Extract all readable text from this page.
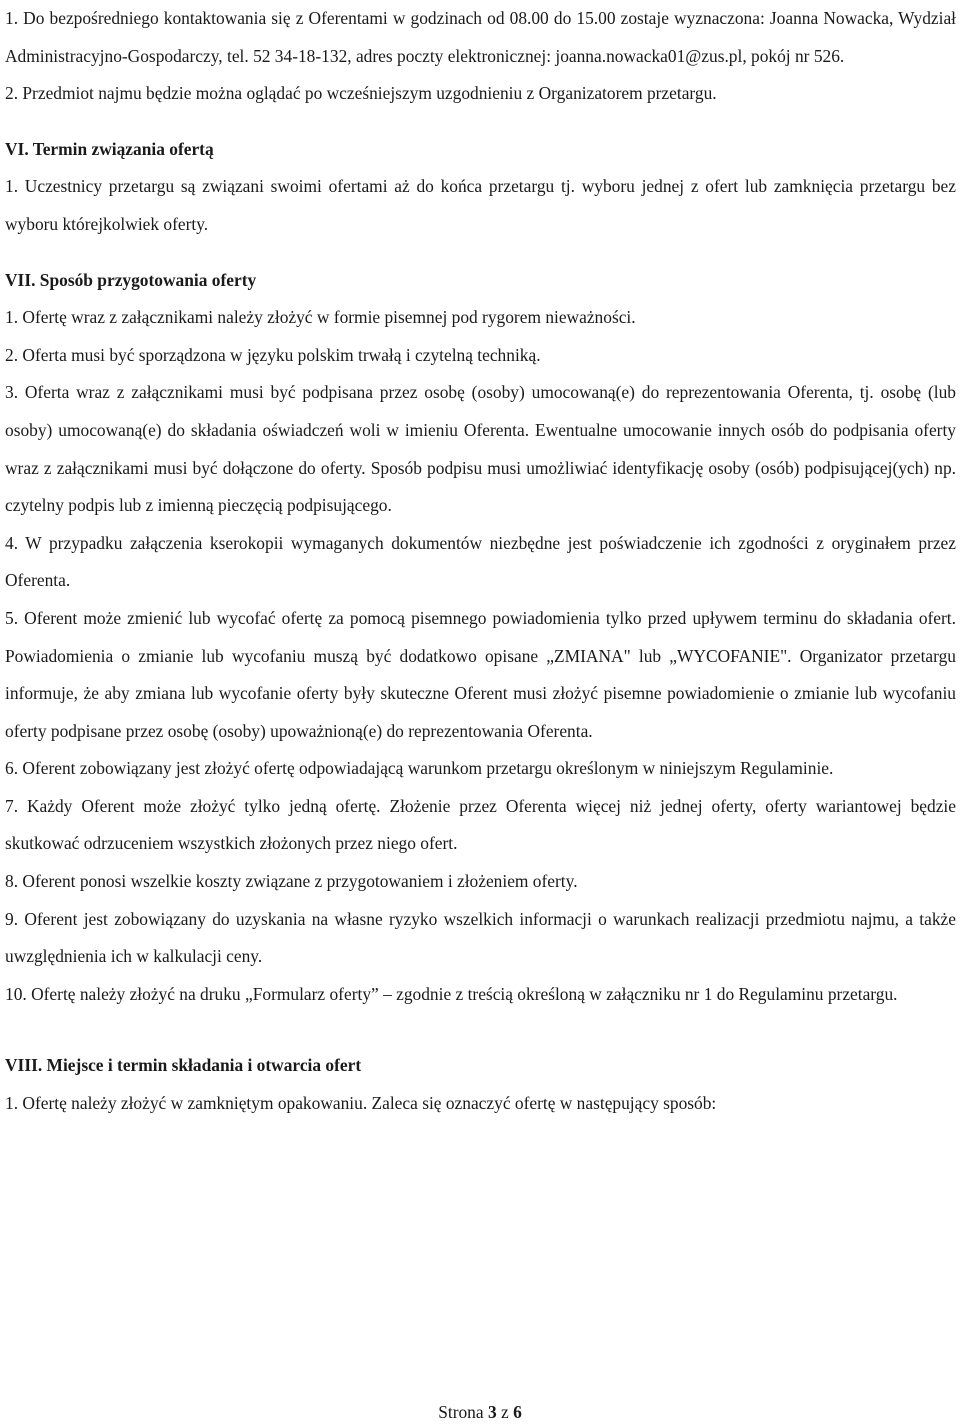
1. Do bezpośredniego kontaktowania się z Oferentami w godzinach od 08.00 do 15.00 zostaje wyznaczona: Joanna Nowacka, Wydział Administracyjno-Gospodarczy, tel. 52 34-18-132, adres poczty elektronicznej: joanna.nowacka01@zus.pl, pokój nr 526.

2. Przedmiot najmu będzie można oglądać po wcześniejszym uzgodnieniu z Organizatorem przetargu.

VI. Termin związania ofertą

1. Uczestnicy przetargu są związani swoimi ofertami aż do końca przetargu tj. wyboru jednej z ofert lub zamknięcia przetargu bez wyboru którejkolwiek oferty.

VII. Sposób przygotowania oferty

1. Ofertę wraz z załącznikami należy złożyć w formie pisemnej pod rygorem nieważności.

2. Oferta musi być sporządzona w języku polskim trwałą i czytelną techniką.

3. Oferta wraz z załącznikami musi być podpisana przez osobę (osoby) umocowaną(e) do reprezentowania Oferenta, tj. osobę (lub osoby) umocowaną(e) do składania oświadczeń woli w imieniu Oferenta. Ewentualne umocowanie innych osób do podpisania oferty wraz z załącznikami musi być dołączone do oferty. Sposób podpisu musi umożliwiać identyfikację osoby (osób) podpisującej(ych) np. czytelny podpis lub z imienną pieczęcią podpisującego.

4. W przypadku załączenia kserokopii wymaganych dokumentów niezbędne jest poświadczenie ich zgodności z oryginałem przez Oferenta.

5. Oferent może zmienić lub wycofać ofertę za pomocą pisemnego powiadomienia tylko przed upływem terminu do składania ofert. Powiadomienia o zmianie lub wycofaniu muszą być dodatkowo opisane „ZMIANA" lub „WYCOFANIE". Organizator przetargu informuje, że aby zmiana lub wycofanie oferty były skuteczne Oferent musi złożyć pisemne powiadomienie o zmianie lub wycofaniu oferty podpisane przez osobę (osoby) upoważnioną(e) do reprezentowania Oferenta.

6. Oferent zobowiązany jest złożyć ofertę odpowiadającą warunkom przetargu określonym w niniejszym Regulaminie.

7. Każdy Oferent może złożyć tylko jedną ofertę. Złożenie przez Oferenta więcej niż jednej oferty, oferty wariantowej będzie skutkować odrzuceniem wszystkich złożonych przez niego ofert.

8. Oferent ponosi wszelkie koszty związane z przygotowaniem i złożeniem oferty.

9. Oferent jest zobowiązany do uzyskania na własne ryzyko wszelkich informacji o warunkach realizacji przedmiotu najmu, a także uwzględnienia ich w kalkulacji ceny.

10. Ofertę należy złożyć na druku „Formularz oferty” – zgodnie z treścią określoną w załączniku nr 1 do Regulaminu przetargu.

VIII. Miejsce i termin składania i otwarcia ofert

1. Ofertę należy złożyć w zamkniętym opakowaniu. Zaleca się oznaczyć ofertę w następujący sposób:

Strona 3 z 6
